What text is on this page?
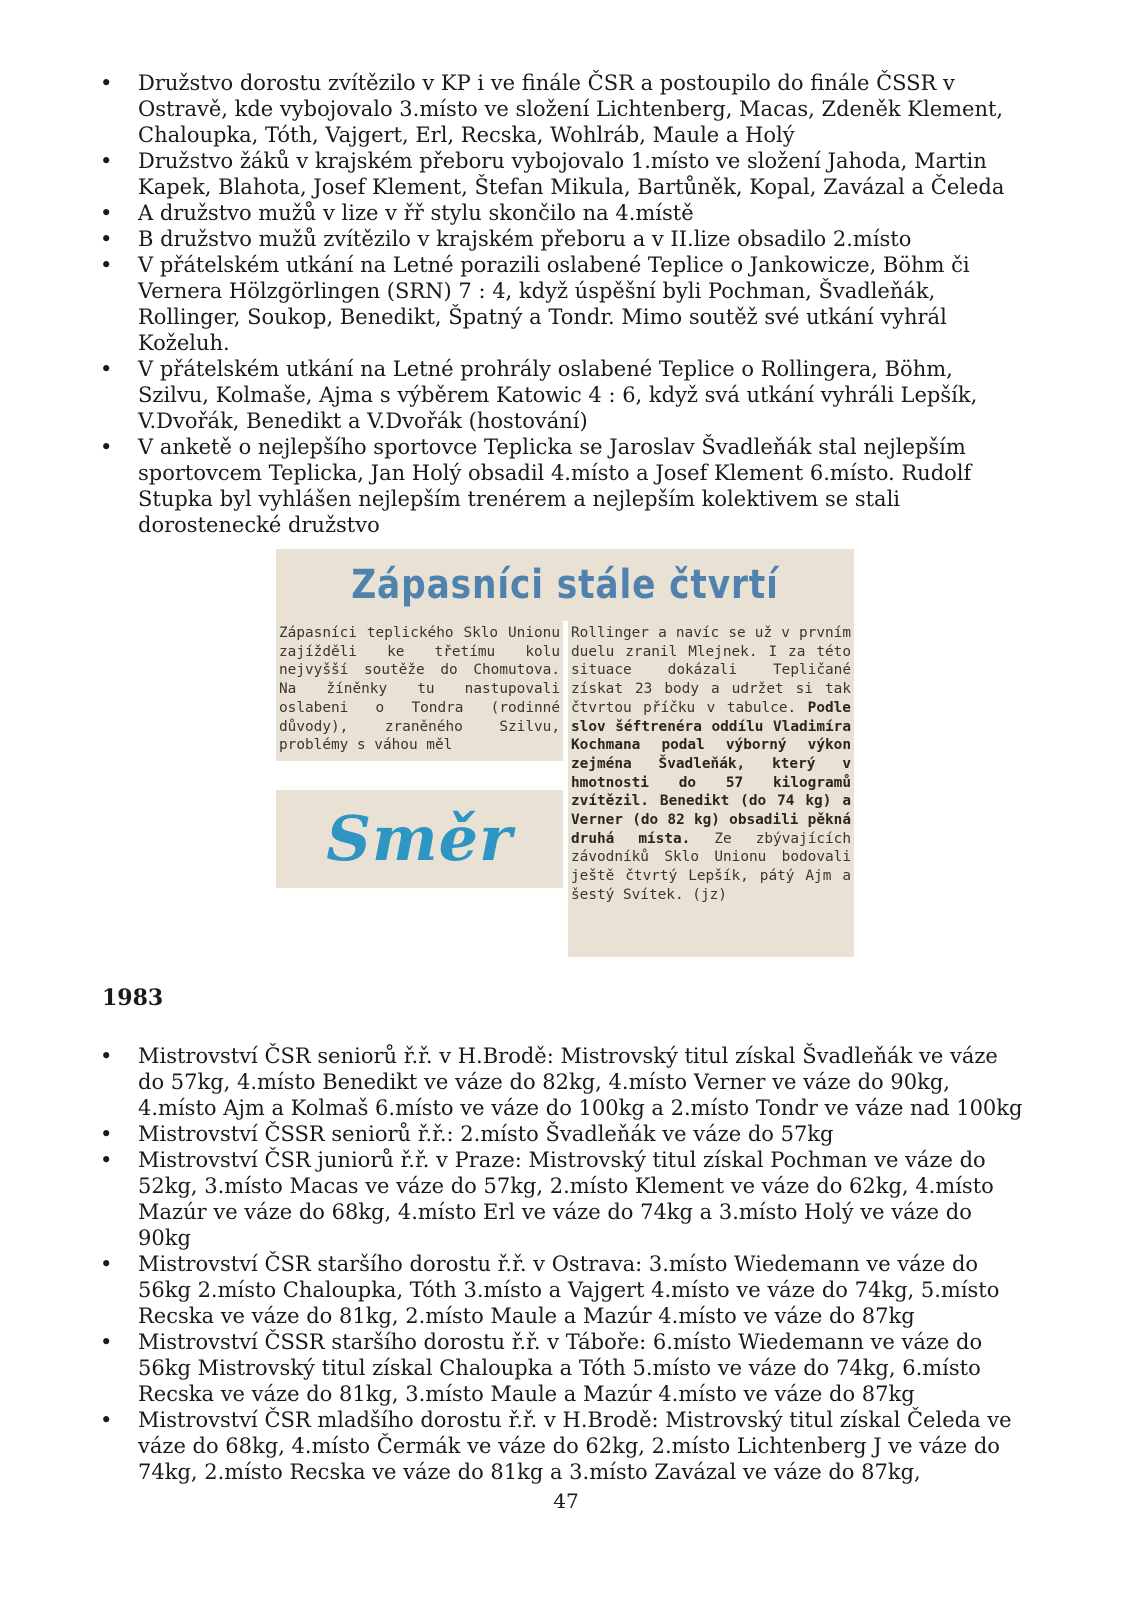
• Družstvo dorostu zvítězilo v KP i ve finále ČSR a postoupilo do finále ČSSR v Ostravě, kde vybojovalo 3.místo ve složení Lichtenberg, Macas, Zdeněk Klement, Chaloupka, Tóth, Vajgert, Erl, Recska, Wohlráb, Maule a Holý
• Družstvo žáků v krajském přeboru vybojovalo 1.místo ve složení Jahoda, Martin Kapek, Blahota, Josef Klement, Štefan Mikula, Bartůněk, Kopal, Zavázal a Čeleda
• A družstvo mužů v lize v řř stylu skončilo na 4.místě
• B družstvo mužů zvítězilo v krajském přeboru a v II.lize obsadilo 2.místo
• V přátelském utkání na Letné porazili oslabené Teplice o Jankowicze, Böhm či Vernera Hölzgörlingen (SRN) 7 : 4, když úspěšní byli Pochman, Švadleňák, Rollinger, Soukop, Benedikt, Špatný a Tondr. Mimo soutěž své utkání vyhrál Koželuh.
• V přátelském utkání na Letné prohrály oslabené Teplice o Rollingera, Böhm, Szilvu, Kolmaše, Ajma s výběrem Katowic 4 : 6, když svá utkání vyhráli Lepšík, V.Dvořák, Benedikt a V.Dvořák (hostování)
• V anketě o nejlepšího sportovce Teplicka se Jaroslav Švadleňák stal nejlepším sportovcem Teplicka, Jan Holý obsadil 4.místo a Josef Klement 6.místo. Rudolf Stupka byl vyhlášen nejlepším trenérem a nejlepším kolektivem se stali dorostenecké družstvo
Zápasníci stále čtvrtí

Zápasníci teplického Sklo Unionu zajížděli ke třetímu kolu nejvyšší soutěže do Chomutova. Na žíněnky tu nastupovali oslabeni o Tondra (rodinné důvody), zraněného Szilvu, problémy s váhou měl

Směr

Rollinger a navíc se už v prvním duelu zranil Mlejnek. I za této situace dokázali Tepličané získat 23 body a udržet si tak čtvrtou příčku v tabulce. Podle slov šéftrenéra oddílu Vladimíra Kochmana podal výborný výkon zejména Švadleňák, který v hmotnosti do 57 kilogramů zvítězil. Benedikt (do 74 kg) a Verner (do 82 kg) obsadili pěkná druhá místa. Ze zbývajících závodníků Sklo Unionu bodovali ještě čtvrtý Lepšík, pátý Ajm a šestý Svítek. (jz)

1983
• Mistrovství ČSR seniorů ř.ř. v H.Brodě: Mistrovský titul získal Švadleňák ve váze do 57kg, 4.místo Benedikt ve váze do 82kg, 4.místo Verner ve váze do 90kg, 4.místo Ajm a Kolmaš 6.místo ve váze do 100kg a 2.místo Tondr ve váze nad 100kg
• Mistrovství ČSSR seniorů ř.ř.: 2.místo Švadleňák ve váze do 57kg
• Mistrovství ČSR juniorů ř.ř. v Praze: Mistrovský titul získal Pochman ve váze do 52kg, 3.místo Macas ve váze do 57kg, 2.místo Klement ve váze do 62kg, 4.místo Mazúr ve váze do 68kg, 4.místo Erl ve váze do 74kg a 3.místo Holý ve váze do 90kg
• Mistrovství ČSR staršího dorostu ř.ř. v Ostrava: 3.místo Wiedemann ve váze do 56kg 2.místo Chaloupka, Tóth 3.místo a Vajgert 4.místo ve váze do 74kg, 5.místo Recska ve váze do 81kg, 2.místo Maule a Mazúr 4.místo ve váze do 87kg
• Mistrovství ČSSR staršího dorostu ř.ř. v Táboře: 6.místo Wiedemann ve váze do 56kg Mistrovský titul získal Chaloupka a Tóth 5.místo ve váze do 74kg, 6.místo Recska ve váze do 81kg, 3.místo Maule a Mazúr 4.místo ve váze do 87kg
• Mistrovství ČSR mladšího dorostu ř.ř. v H.Brodě: Mistrovský titul získal Čeleda ve váze do 68kg, 4.místo Čermák ve váze do 62kg, 2.místo Lichtenberg J ve váze do 74kg, 2.místo Recska ve váze do 81kg a 3.místo Zavázal ve váze do 87kg,

47
